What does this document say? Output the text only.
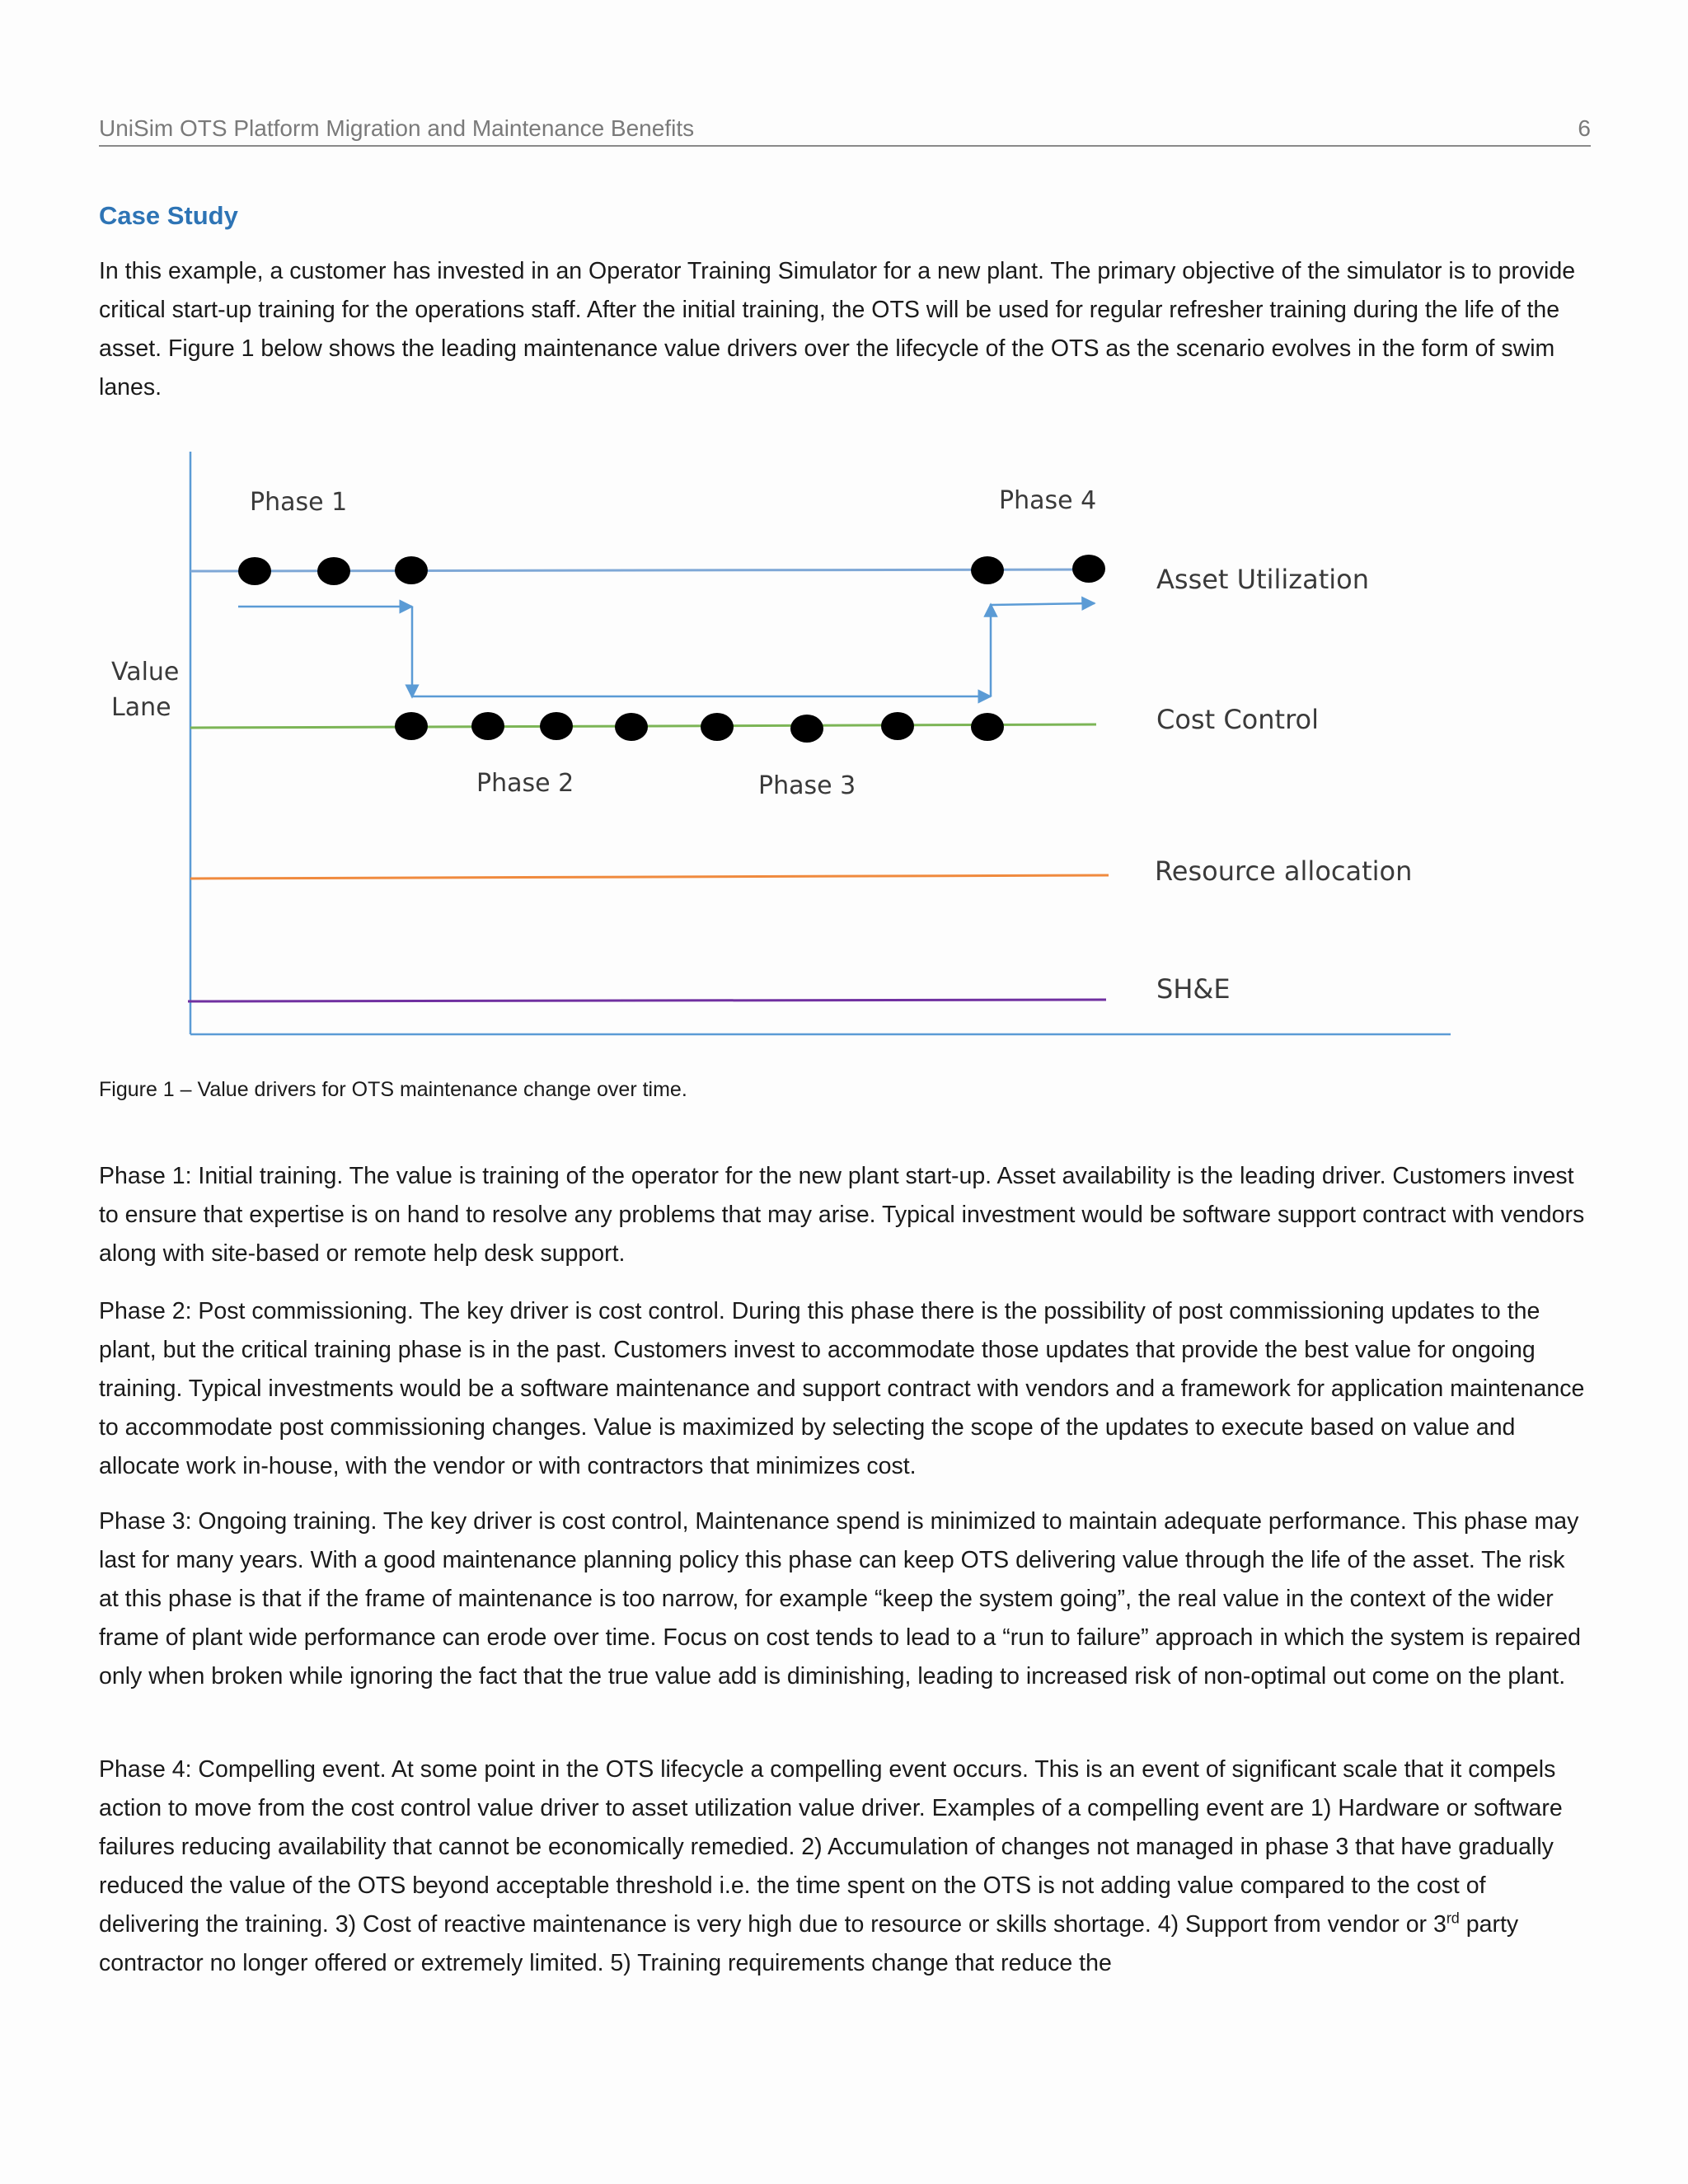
UniSim OTS Platform Migration and Maintenance Benefits	6
Case Study

In this example, a customer has invested in an Operator Training Simulator for a new plant. The primary objective of the simulator is to provide critical start-up training for the operations staff. After the initial training, the OTS will be used for regular refresher training during the life of the asset. Figure 1 below shows the leading maintenance value drivers over the lifecycle of the OTS as the scenario evolves in the form of swim lanes.

Value
Lane
Asset Utilization
Cost Control
Resource allocation
SH&E
Phase 1
Phase 2	Phase 3
Phase 4
Figure 1 – Value drivers for OTS maintenance change over time.

Phase 1: Initial training. The value is training of the operator for the new plant start-up. Asset availability is the leading driver. Customers invest to ensure that expertise is on hand to resolve any problems that may arise. Typical investment would be software support contract with vendors along with site-based or remote help desk support.

Phase 2: Post commissioning. The key driver is cost control. During this phase there is the possibility of post commissioning updates to the plant, but the critical training phase is in the past. Customers invest to accommodate those updates that provide the best value for ongoing training. Typical investments would be a software maintenance and support contract with vendors and a framework for application maintenance to accommodate post commissioning changes. Value is maximized by selecting the scope of the updates to execute based on value and allocate work in-house, with the vendor or with contractors that minimizes cost.

Phase 3: Ongoing training. The key driver is cost control, Maintenance spend is minimized to maintain adequate performance. This phase may last for many years. With a good maintenance planning policy this phase can keep OTS delivering value through the life of the asset. The risk at this phase is that if the frame of maintenance is too narrow, for example “keep the system going”, the real value in the context of the wider frame of plant wide performance can erode over time. Focus on cost tends to lead to a “run to failure” approach in which the system is repaired only when broken while ignoring the fact that the true value add is diminishing, leading to increased risk of non-optimal out come on the plant.

Phase 4: Compelling event. At some point in the OTS lifecycle a compelling event occurs. This is an event of significant scale that it compels action to move from the cost control value driver to asset utilization value driver. Examples of a compelling event are 1) Hardware or software failures reducing availability that cannot be economically remedied. 2) Accumulation of changes not managed in phase 3 that have gradually reduced the value of the OTS beyond acceptable threshold i.e. the time spent on the OTS is not adding value compared to the cost of delivering the training. 3) Cost of reactive maintenance is very high due to resource or skills shortage. 4) Support from vendor or 3rd party contractor no longer offered or extremely limited. 5) Training requirements change that reduce the
